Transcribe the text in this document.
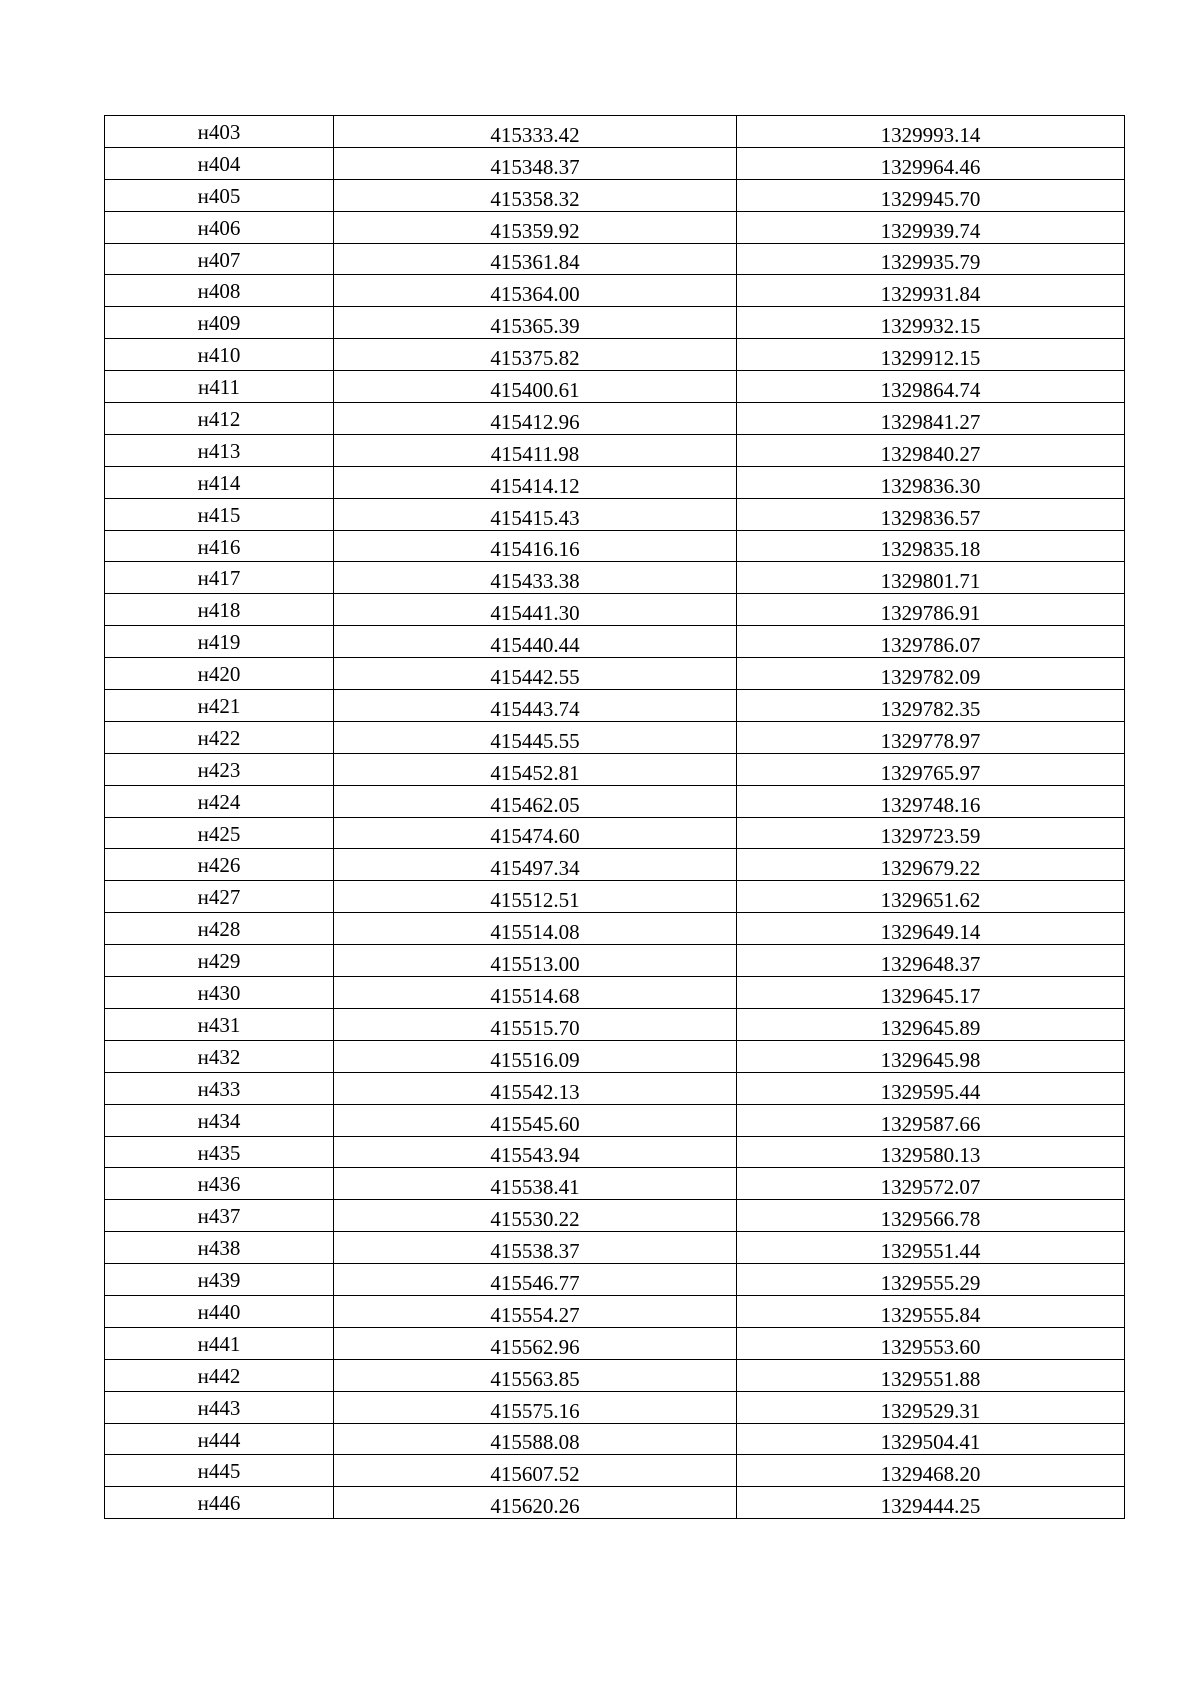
н403	415333.42	1329993.14
н404	415348.37	1329964.46
н405	415358.32	1329945.70
н406	415359.92	1329939.74
н407	415361.84	1329935.79
н408	415364.00	1329931.84
н409	415365.39	1329932.15
н410	415375.82	1329912.15
н411	415400.61	1329864.74
н412	415412.96	1329841.27
н413	415411.98	1329840.27
н414	415414.12	1329836.30
н415	415415.43	1329836.57
н416	415416.16	1329835.18
н417	415433.38	1329801.71
н418	415441.30	1329786.91
н419	415440.44	1329786.07
н420	415442.55	1329782.09
н421	415443.74	1329782.35
н422	415445.55	1329778.97
н423	415452.81	1329765.97
н424	415462.05	1329748.16
н425	415474.60	1329723.59
н426	415497.34	1329679.22
н427	415512.51	1329651.62
н428	415514.08	1329649.14
н429	415513.00	1329648.37
н430	415514.68	1329645.17
н431	415515.70	1329645.89
н432	415516.09	1329645.98
н433	415542.13	1329595.44
н434	415545.60	1329587.66
н435	415543.94	1329580.13
н436	415538.41	1329572.07
н437	415530.22	1329566.78
н438	415538.37	1329551.44
н439	415546.77	1329555.29
н440	415554.27	1329555.84
н441	415562.96	1329553.60
н442	415563.85	1329551.88
н443	415575.16	1329529.31
н444	415588.08	1329504.41
н445	415607.52	1329468.20
н446	415620.26	1329444.25
